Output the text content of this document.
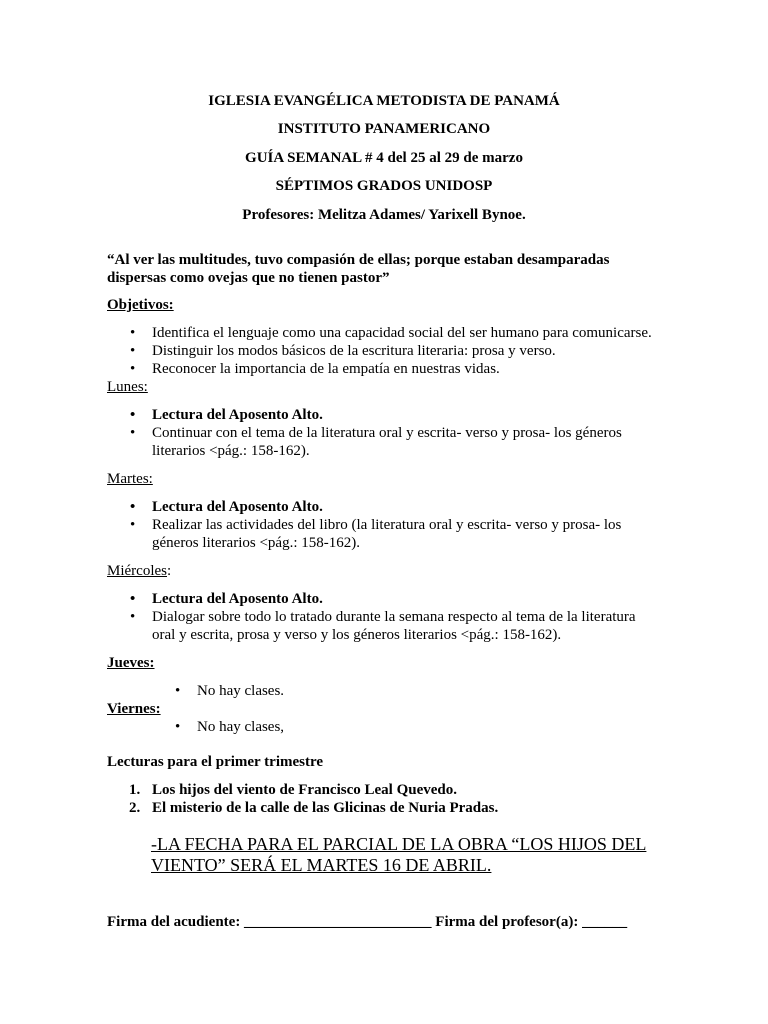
IGLESIA EVANGÉLICA METODISTA DE PANAMÁ
INSTITUTO PANAMERICANO
GUÍA SEMANAL # 4 del 25 al 29 de marzo
SÉPTIMOS GRADOS UNIDOSP
Profesores: Melitza Adames/ Yarixell Bynoe.
“Al ver las multitudes, tuvo compasión de ellas; porque estaban desamparadas dispersas como ovejas que no tienen pastor”
Objetivos:
• Identifica el lenguaje como una capacidad social del ser humano para comunicarse.
• Distinguir los modos básicos de la escritura literaria: prosa y verso.
• Reconocer la importancia de la empatía en nuestras vidas.
Lunes:
• Lectura del Aposento Alto.
• Continuar con el tema de la literatura oral y escrita- verso y prosa- los géneros literarios <pág.: 158-162).
Martes:
• Lectura del Aposento Alto.
• Realizar las actividades del libro (la literatura oral y escrita- verso y prosa- los géneros literarios <pág.: 158-162).
Miércoles:
• Lectura del Aposento Alto.
• Dialogar sobre todo lo tratado durante la semana respecto al tema de la literatura oral y escrita, prosa y verso y los géneros literarios <pág.: 158-162).
Jueves:
• No hay clases.
Viernes:
• No hay clases,
Lecturas para el primer trimestre
1. Los hijos del viento de Francisco Leal Quevedo.
2. El misterio de la calle de las Glicinas de Nuria Pradas.
-LA FECHA PARA EL PARCIAL DE LA OBRA “LOS HIJOS DEL VIENTO” SERÁ EL MARTES 16 DE ABRIL.
Firma del acudiente: _________________________ Firma del profesor(a): ______
